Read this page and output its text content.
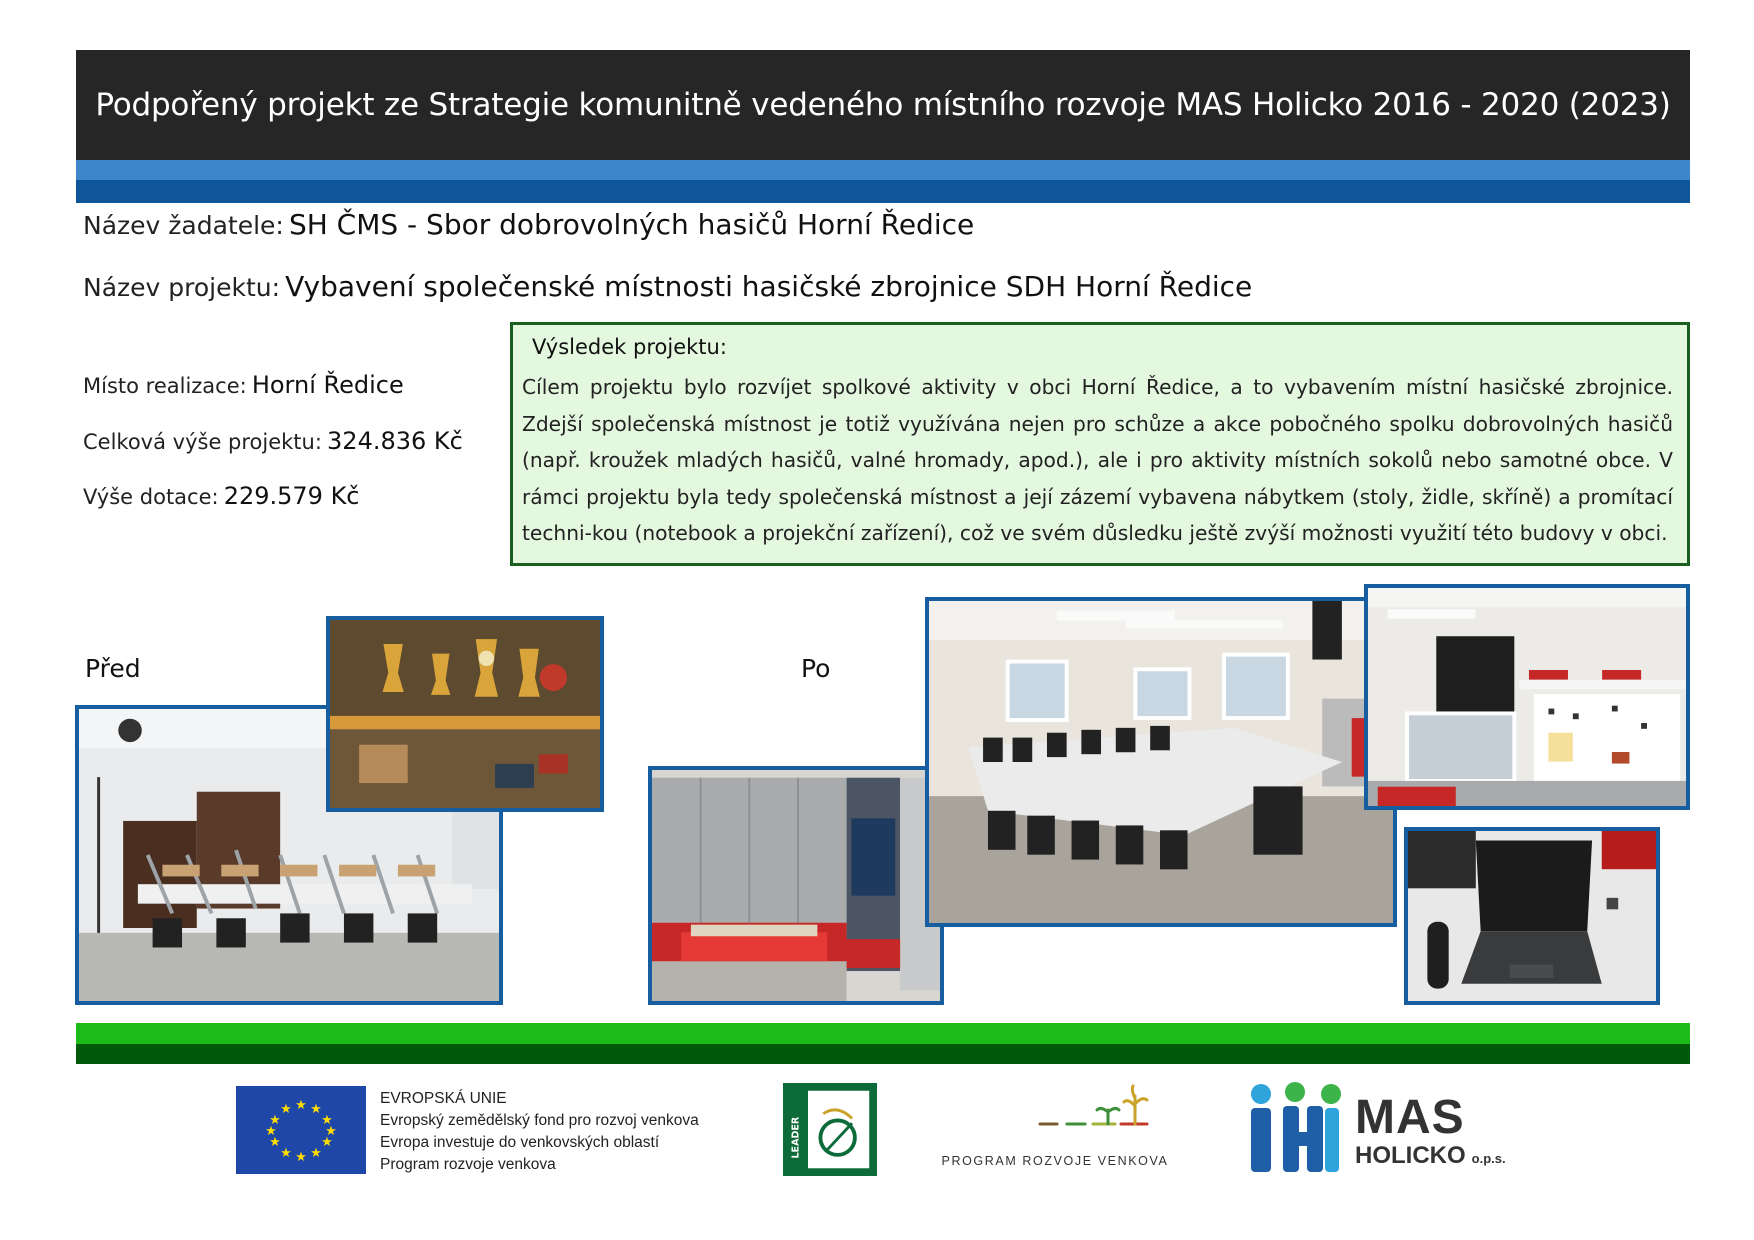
Podpořený projekt ze Strategie komunitně vedeného místního rozvoje MAS Holicko 2016 - 2020 (2023)
Název žadatele: SH ČMS - Sbor dobrovolných hasičů Horní Ředice
Název projektu: Vybavení společenské místnosti hasičské zbrojnice SDH Horní Ředice
Místo realizace: Horní Ředice
Celková výše projektu: 324.836 Kč
Výše dotace: 229.579 Kč
Výsledek projektu:
Cílem projektu bylo rozvíjet spolkové aktivity v obci Horní Ředice, a to vybavením místní hasičské zbrojnice. Zdejší společenská místnost je totiž využívána nejen pro schůze a akce pobočného spolku dobrovolných hasičů (např. kroužek mladých hasičů, valné hromady, apod.), ale i pro aktivity místních sokolů nebo samotné obce. V rámci projektu byla tedy společenská místnost a její zázemí vybavena nábytkem (stoly, židle, skříně) a promítací techni-kou (notebook a projekční zařízení), což ve svém důsledku ještě zvýší možnosti využití této budovy v obci.
Před	Po
★ ★
★
★
★
★
★
★
★
★
★
★
EVROPSKÁ UNIE
Evropský zemědělský fond pro rozvoj venkova
Evropa investuje do venkovských oblastí
Program rozvoje venkova
LEADER
PROGRAM ROZVOJE VENKOVA
MAS
HOLICKO o.p.s.
